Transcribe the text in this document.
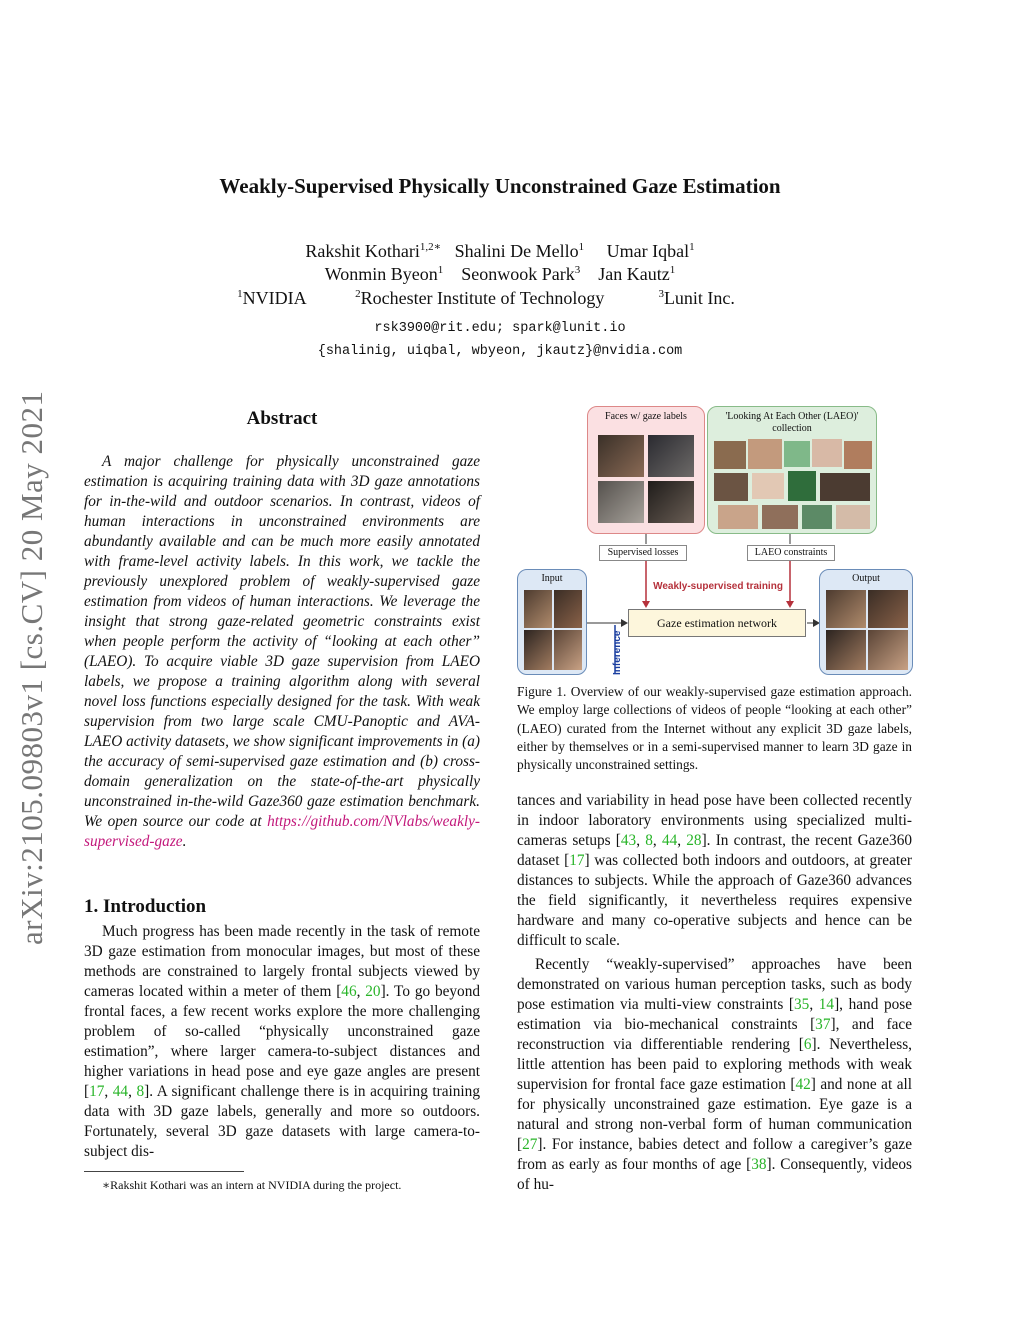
arXiv:2105.09803v1 [cs.CV] 20 May 2021
Weakly-Supervised Physically Unconstrained Gaze Estimation
Rakshit Kothari$^{1,2∗}$ Shalini De Mello$^1$ Umar Iqbal$^1$
Wonmin Byeon$^1$ Seonwook Park$^3$ Jan Kautz$^1$
$^1$NVIDIA	$^2$Rochester Institute of Technology	$^3$Lunit Inc.
rsk3900@rit.edu; spark@lunit.io
{shalinig, uiqbal, wbyeon, jkautz}@nvidia.com
Abstract

A major challenge for physically unconstrained gaze estimation is acquiring training data with 3D gaze annotations for in-the-wild and outdoor scenarios. In contrast, videos of human interactions in unconstrained environments are abundantly available and can be much more easily annotated with frame-level activity labels. In this work, we tackle the previously unexplored problem of weakly-supervised gaze estimation from videos of human interactions. We leverage the insight that strong gaze-related geometric constraints exist when people perform the activity of “looking at each other” (LAEO). To acquire viable 3D gaze supervision from LAEO labels, we propose a training algorithm along with several novel loss functions especially designed for the task. With weak supervision from two large scale CMU-Panoptic and AVA-LAEO activity datasets, we show significant improvements in (a) the accuracy of semi-supervised gaze estimation and (b) cross-domain generalization on the state-of-the-art physically unconstrained in-the-wild Gaze360 gaze estimation benchmark. We open source our code at https://github.com/NVlabs/weakly-supervised-gaze.

1. Introduction

Much progress has been made recently in the task of remote 3D gaze estimation from monocular images, but most of these methods are constrained to largely frontal subjects viewed by cameras located within a meter of them [46, 20]. To go beyond frontal faces, a few recent works explore the more challenging problem of so-called “physically unconstrained gaze estimation”, where larger camera-to-subject distances and higher variations in head pose and eye gaze angles are present [17, 44, 8]. A significant challenge there is in acquiring training data with 3D gaze labels, generally and more so outdoors. Fortunately, several 3D gaze datasets with large camera-to-subject dis-

∗Rakshit Kothari was an intern at NVIDIA during the project.
Faces w/ gaze labels	'Looking At Each Other (LAEO)' collection
Supervised losses	LAEO constraints
Weakly-supervised training
Input
Gaze estimation network
Output
Inference
Figure 1. Overview of our weakly-supervised gaze estimation approach. We employ large collections of videos of people “looking at each other” (LAEO) curated from the Internet without any explicit 3D gaze labels, either by themselves or in a semi-supervised manner to learn 3D gaze in physically unconstrained settings.

tances and variability in head pose have been collected recently in indoor laboratory environments using specialized multi-cameras setups [43, 8, 44, 28]. In contrast, the recent Gaze360 dataset [17] was collected both indoors and outdoors, at greater distances to subjects. While the approach of Gaze360 advances the field significantly, it nevertheless requires expensive hardware and many co-operative subjects and hence can be difficult to scale.

Recently “weakly-supervised” approaches have been demonstrated on various human perception tasks, such as body pose estimation via multi-view constraints [35, 14], hand pose estimation via bio-mechanical constraints [37], and face reconstruction via differentiable rendering [6]. Nevertheless, little attention has been paid to exploring methods with weak supervision for frontal face gaze estimation [42] and none at all for physically unconstrained gaze estimation. Eye gaze is a natural and strong non-verbal form of human communication [27]. For instance, babies detect and follow a caregiver’s gaze from as early as four months of age [38]. Consequently, videos of hu-
